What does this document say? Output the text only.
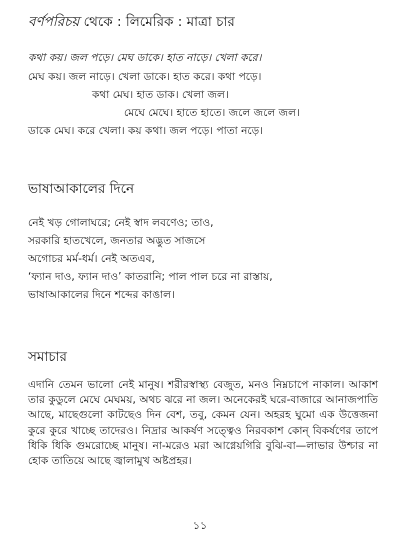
বর্ণপরিচয় থেকে : লিমেরিক : মাত্রা চার
কথা কয়। জল পড়ে। মেঘ ডাকে। হাত নাড়ে। খেলা করে।
মেঘ কয়। জল নাড়ে। খেলা ডাকে। হাত করে। কথা পড়ে।
কথা মেঘ। হাত ডাক। খেলা জল।
মেঘে মেঘে। হাতে হাতে। জলে জলে জল।
ডাকে মেঘ। করে খেলা। কয় কথা। জল পড়ে। পাতা নড়ে।
ভাষাআকালের দিনে
নেই খড় গোলাঘরে; নেই স্বাদ লবণেও; তাও,
সরকারি হাতখেলে, জনতার অদ্ভুত সাজসে
অগোচর মর্ম-ধর্ম। নেই অতএব,
‘ফ্যান দাও, ফ্যান দাও’ কাতরানি; পাল পাল চরে না রাস্তায়,
ভাষাআকালের দিনে শব্দের কাঙাল।
সমাচার
এদানি তেমন ভালো নেই মানুষ। শরীরস্বাস্থ্য বেজুত, মনও নিম্নচাপে নাকাল। আকাশ তার কুডুলে মেঘে মেঘময়, অথচ ঝরে না জল। অনেকেরই ঘরে-বাজারে আনাজপাতি আছে, মাছেগুলো কাটছেও দিন বেশ, তবু, কেমন যেন। অহরহ ঘুমো এক উত্তেজনা কুরে কুরে খাচ্ছে তাদেরও। নিদ্রার আকর্ষণ সত্ত্বেও নিরবকাশ কোন্ বিকর্ষণের তাপে ধিকি ধিকি গুমরোচ্ছে মানুষ। না-মরেও মরা আগ্নেয়গিরি বুঝি-বা—লাভার উশ্চার না হোক তাতিয়ে আছে জ্বালামুখ অষ্টপ্রহর।
১১
